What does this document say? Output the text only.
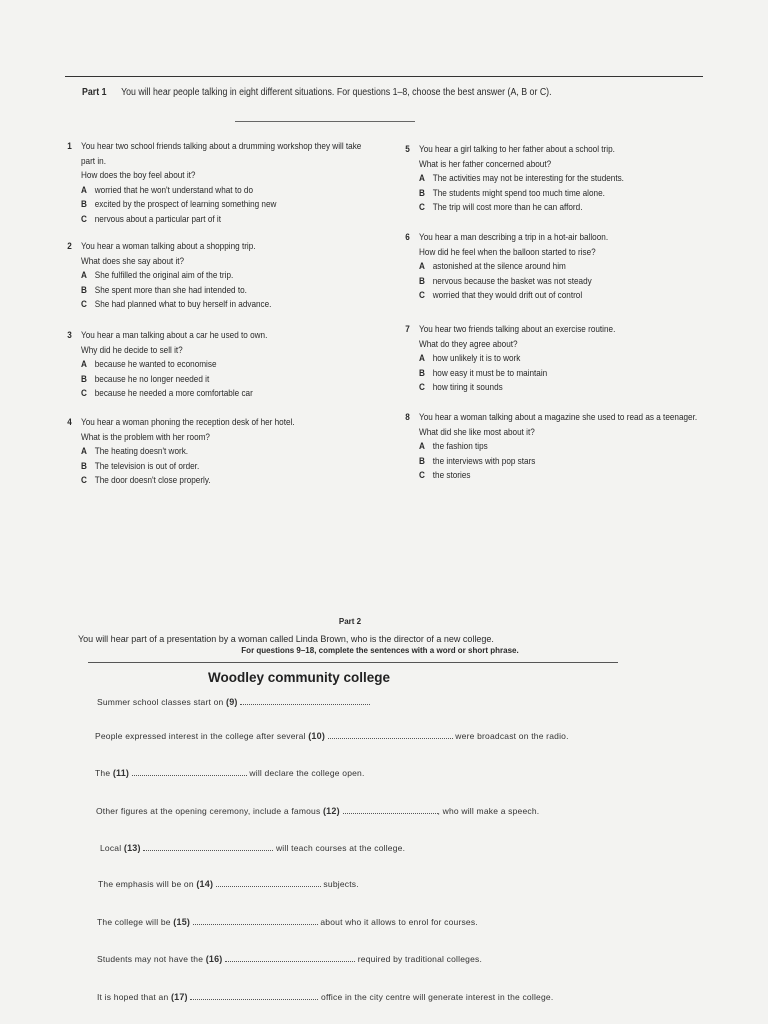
Part 1 You will hear people talking in eight different situations. For questions 1–8, choose the best answer (A, B or C).
1 You hear two school friends talking about a drumming workshop they will take
part in.
How does the boy feel about it?
A worried that he won't understand what to do
B excited by the prospect of learning something new
C nervous about a particular part of it
2 You hear a woman talking about a shopping trip.
What does she say about it?
A She fulfilled the original aim of the trip.
B She spent more than she had intended to.
C She had planned what to buy herself in advance.
3 You hear a man talking about a car he used to own.
Why did he decide to sell it?
A because he wanted to economise
B because he no longer needed it
C because he needed a more comfortable car
4 You hear a woman phoning the reception desk of her hotel.
What is the problem with her room?
A The heating doesn't work.
B The television is out of order.
C The door doesn't close properly.
5 You hear a girl talking to her father about a school trip.
What is her father concerned about?
A The activities may not be interesting for the students.
B The students might spend too much time alone.
C The trip will cost more than he can afford.
6 You hear a man describing a trip in a hot-air balloon.
How did he feel when the balloon started to rise?
A astonished at the silence around him
B nervous because the basket was not steady
C worried that they would drift out of control
7 You hear two friends talking about an exercise routine.
What do they agree about?
A how unlikely it is to work
B how easy it must be to maintain
C how tiring it sounds
8 You hear a woman talking about a magazine she used to read as a teenager.
What did she like most about it?
A the fashion tips
B the interviews with pop stars
C the stories
Part 2
You will hear part of a presentation by a woman called Linda Brown, who is the director of a new college.
For questions 9–18, complete the sentences with a word or short phrase.
Woodley community college
Summer school classes start on (9)
People expressed interest in the college after several (10)	were broadcast on the radio.
The (11)	will declare the college open.
Other figures at the opening ceremony, include a famous (12)	, who will make a speech.
Local (13)	will teach courses at the college.
The emphasis will be on (14)	subjects.
The college will be (15)	about who it allows to enrol for courses.
Students may not have the (16)	required by traditional colleges.
It is hoped that an (17)	office in the city centre will generate interest in the college.
